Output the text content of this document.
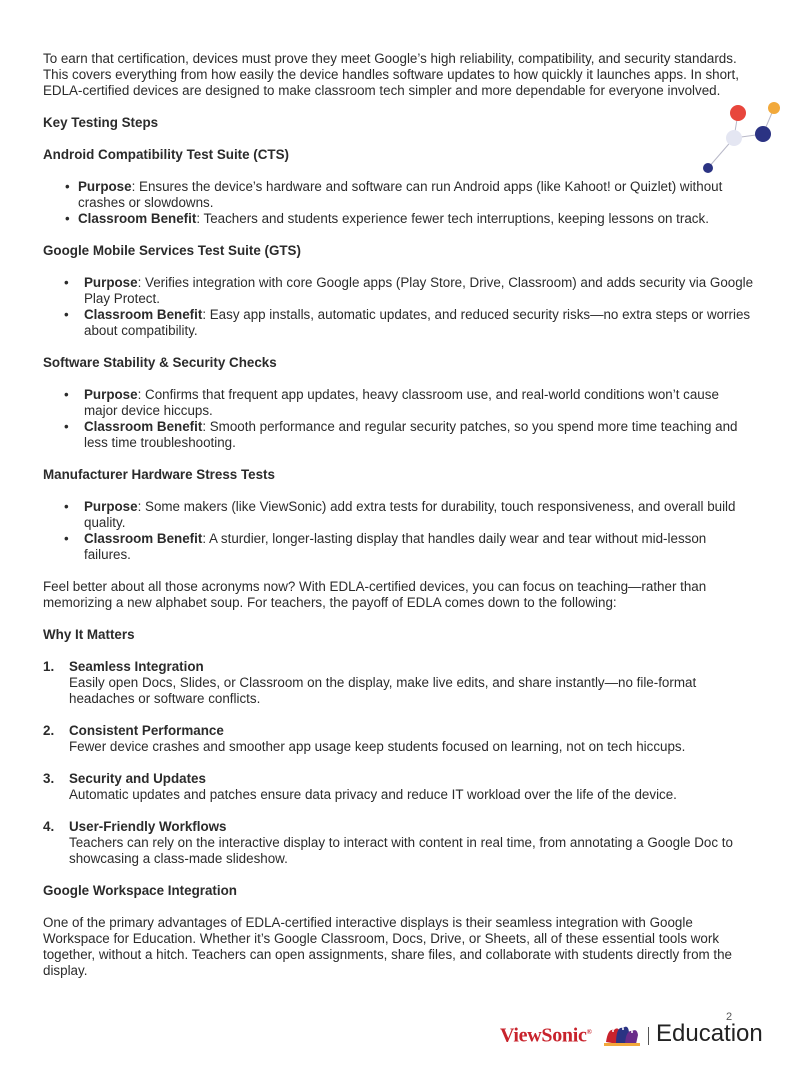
To earn that certification, devices must prove they meet Google’s high reliability, compatibility, and security standards. This covers everything from how easily the device handles software updates to how quickly it launches apps. In short, EDLA-certified devices are designed to make classroom tech simpler and more dependable for everyone involved.

Key Testing Steps
Android Compatibility Test Suite (CTS)
• Purpose: Ensures the device’s hardware and software can run Android apps (like Kahoot! or Quizlet) without crashes or slowdowns.
• Classroom Benefit: Teachers and students experience fewer tech interruptions, keeping lessons on track.
Google Mobile Services Test Suite (GTS)
• Purpose: Verifies integration with core Google apps (Play Store, Drive, Classroom) and adds security via Google Play Protect.
• Classroom Benefit: Easy app installs, automatic updates, and reduced security risks—no extra steps or worries about compatibility.
Software Stability & Security Checks
• Purpose: Confirms that frequent app updates, heavy classroom use, and real-world conditions won’t cause major device hiccups.
• Classroom Benefit: Smooth performance and regular security patches, so you spend more time teaching and less time troubleshooting.
Manufacturer Hardware Stress Tests
• Purpose: Some makers (like ViewSonic) add extra tests for durability, touch responsiveness, and overall build quality.
• Classroom Benefit: A sturdier, longer-lasting display that handles daily wear and tear without mid-lesson failures.

Feel better about all those acronyms now? With EDLA-certified devices, you can focus on teaching—rather than memorizing a new alphabet soup. For teachers, the payoff of EDLA comes down to the following:

Why It Matters
1. Seamless Integration
Easily open Docs, Slides, or Classroom on the display, make live edits, and share instantly—no file-format headaches or software conflicts.
2. Consistent Performance
Fewer device crashes and smoother app usage keep students focused on learning, not on tech hiccups.
3. Security and Updates
Automatic updates and patches ensure data privacy and reduce IT workload over the life of the device.
4. User-Friendly Workflows
Teachers can rely on the interactive display to interact with content in real time, from annotating a Google Doc to showcasing a class-made slideshow.
Google Workspace Integration

One of the primary advantages of EDLA-certified interactive displays is their seamless integration with Google Workspace for Education. Whether it’s Google Classroom, Docs, Drive, or Sheets, all of these essential tools work together, without a hitch. Teachers can open assignments, share files, and collaborate with students directly from the display.

2
ViewSonic®	Education
